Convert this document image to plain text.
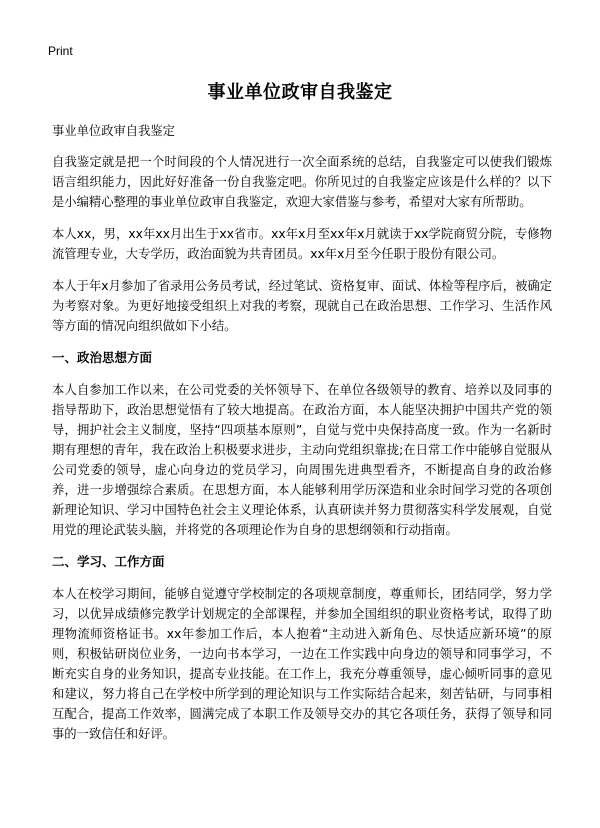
Print
事业单位政审自我鉴定

事业单位政审自我鉴定

自我鉴定就是把一个时间段的个人情况进行一次全面系统的总结，自我鉴定可以使我们锻炼语言组织能力，因此好好准备一份自我鉴定吧。你所见过的自我鉴定应该是什么样的？以下是小编精心整理的事业单位政审自我鉴定，欢迎大家借鉴与参考，希望对大家有所帮助。

本人xx，男，xx年xx月出生于xx省市。xx年x月至xx年x月就读于xx学院商贸分院，专修物流管理专业，大专学历，政治面貌为共青团员。xx年x月至今任职于股份有限公司。

本人于年x月参加了省录用公务员考试，经过笔试、资格复审、面试、体检等程序后，被确定为考察对象。为更好地接受组织上对我的考察，现就自己在政治思想、工作学习、生活作风等方面的情况向组织做如下小结。

一、政治思想方面

本人自参加工作以来，在公司党委的关怀领导下、在单位各级领导的教育、培养以及同事的指导帮助下，政治思想觉悟有了较大地提高。在政治方面，本人能坚决拥护中国共产党的领导，拥护社会主义制度，坚持“四项基本原则”，自觉与党中央保持高度一致。作为一名新时期有理想的青年，我在政治上积极要求进步，主动向党组织靠拢;在日常工作中能够自觉服从公司党委的领导，虚心向身边的党员学习，向周围先进典型看齐，不断提高自身的政治修养，进一步增强综合素质。在思想方面，本人能够利用学历深造和业余时间学习党的各项创新理论知识、学习中国特色社会主义理论体系，认真研读并努力贯彻落实科学发展观，自觉用党的理论武装头脑，并将党的各项理论作为自身的思想纲领和行动指南。

二、学习、工作方面

本人在校学习期间，能够自觉遵守学校制定的各项规章制度，尊重师长，团结同学，努力学习，以优异成绩修完教学计划规定的全部课程，并参加全国组织的职业资格考试，取得了助理物流师资格证书。xx年参加工作后，本人抱着“主动进入新角色、尽快适应新环境”的原则，积极钻研岗位业务，一边向书本学习，一边在工作实践中向身边的领导和同事学习，不断充实自身的业务知识，提高专业技能。在工作上，我充分尊重领导，虚心倾听同事的意见和建议，努力将自己在学校中所学到的理论知识与工作实际结合起来，刻苦钻研，与同事相互配合，提高工作效率，圆满完成了本职工作及领导交办的其它各项任务，获得了领导和同事的一致信任和好评。
